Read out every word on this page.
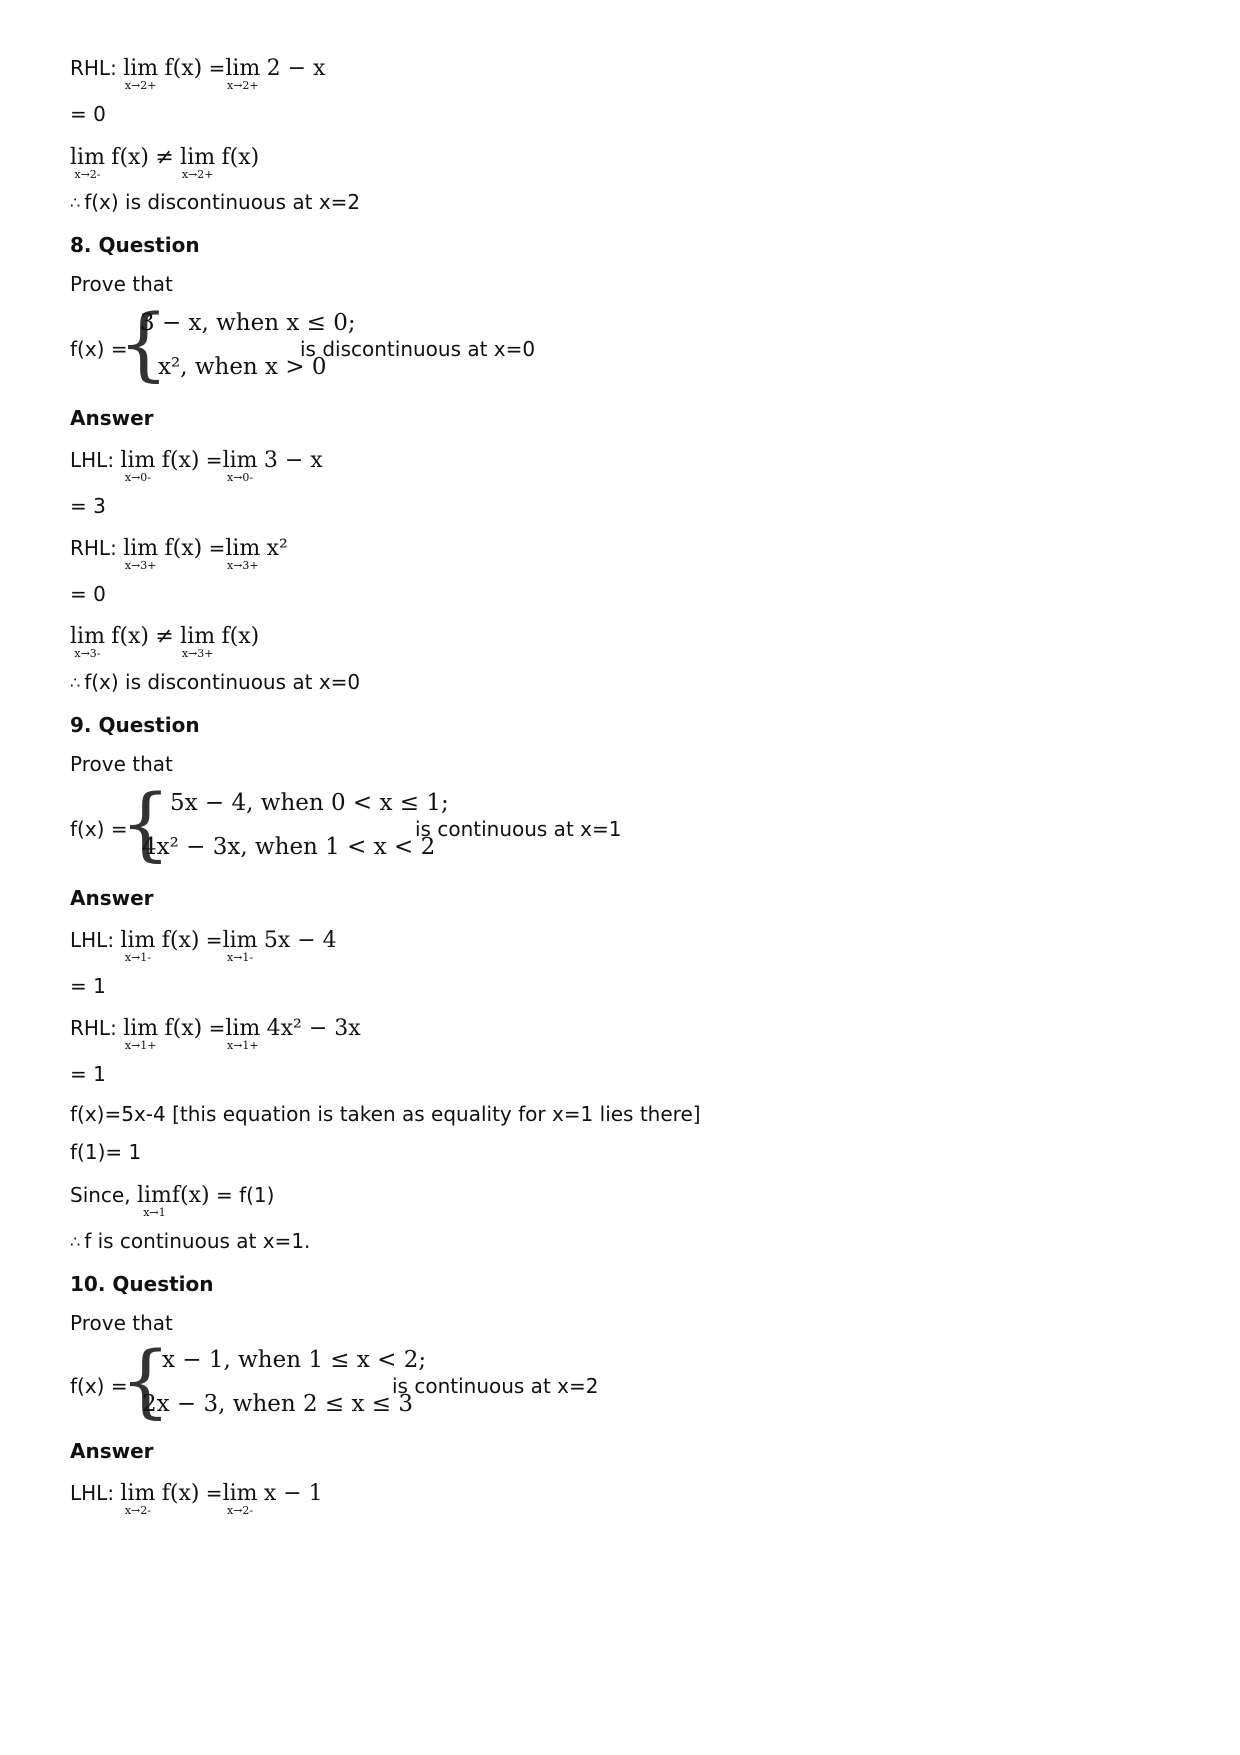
RHL: lim
x→2+
f(x) =lim
x→2+
2 − x
= 0
lim
x→2-
f(x) ≠ lim
x→2+
f(x)
∴ f(x) is discontinuous at x=2
8. Question
Prove that
f(x) =
{
3 − x, when x ≤ 0;
x², when x > 0
is discontinuous at x=0
Answer
LHL: lim
x→0-
f(x) =lim
x→0-
3 − x
= 3
RHL: lim
x→3+
f(x) =lim
x→3+
x²
= 0
lim
x→3-
f(x) ≠ lim
x→3+
f(x)
∴ f(x) is discontinuous at x=0
9. Question
Prove that
f(x) =
{ 5x − 4, when 0 < x ≤ 1;
4x² − 3x, when 1 < x < 2
is continuous at x=1
Answer
LHL: lim
x→1-
f(x) =lim
x→1-
5x − 4
= 1
RHL: lim
x→1+
f(x) =lim
x→1+
4x² − 3x
= 1
f(x)=5x-4 [this equation is taken as equality for x=1 lies there]
f(1)= 1
Since, lim
x→1
f(x) = f(1)
∴ f is continuous at x=1.
10. Question
Prove that
f(x) =
{
x − 1, when 1 ≤ x < 2;
2x − 3, when 2 ≤ x ≤ 3
is continuous at x=2
Answer
LHL: lim
x→2-
f(x) =lim
x→2-
x − 1
